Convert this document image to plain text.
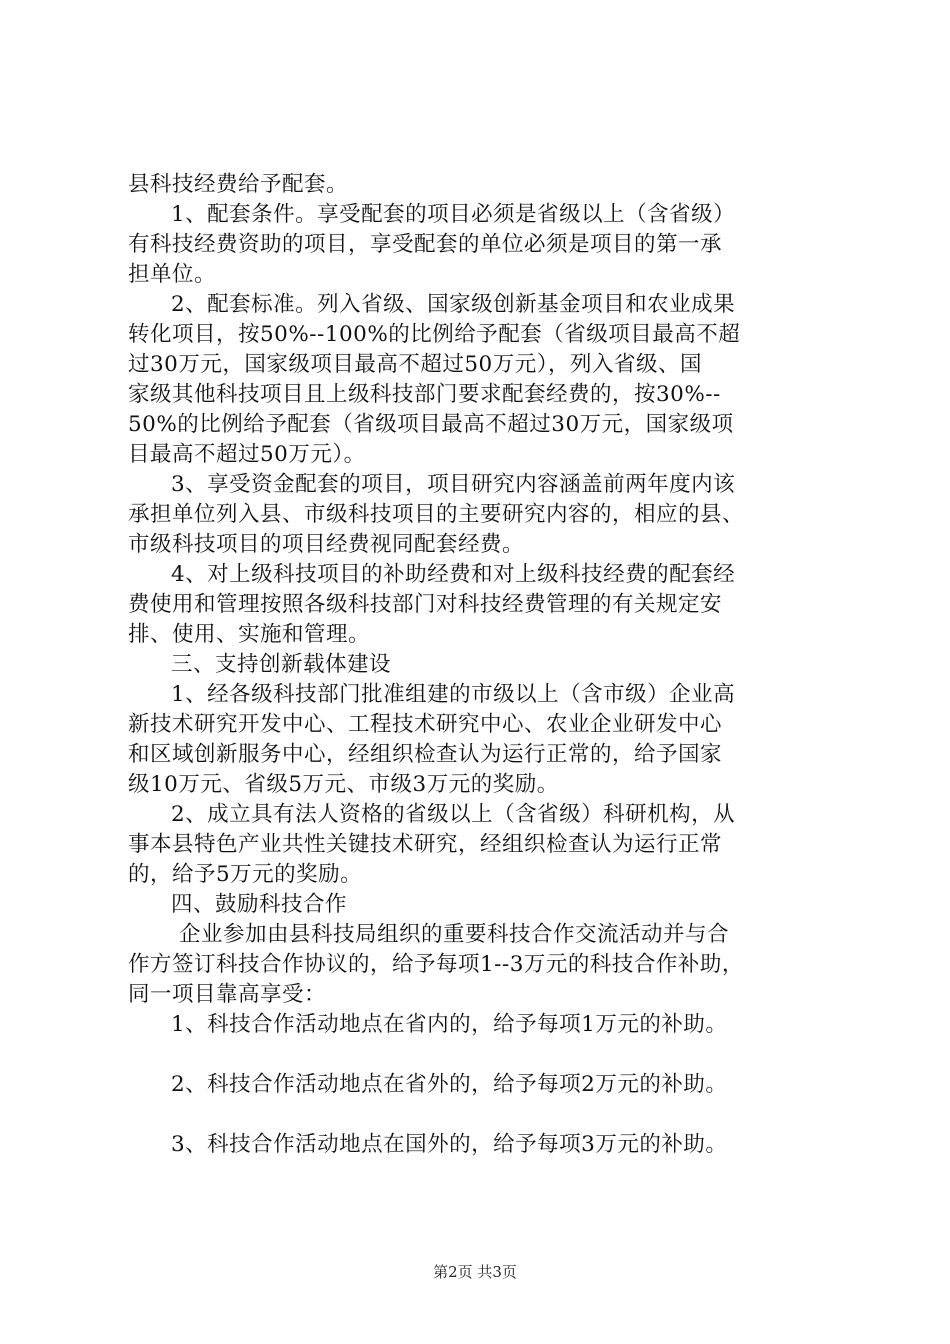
县科技经费给予配套。
1、配套条件。享受配套的项目必须是省级以上（含省级）
有科技经费资助的项目，享受配套的单位必须是项目的第一承
担单位。
2、配套标准。列入省级、国家级创新基金项目和农业成果
转化项目，按50%--100%的比例给予配套（省级项目最高不超
过30万元，国家级项目最高不超过50万元），列入省级、国
家级其他科技项目且上级科技部门要求配套经费的，按30%--
50%的比例给予配套（省级项目最高不超过30万元，国家级项
目最高不超过50万元）。
3、享受资金配套的项目，项目研究内容涵盖前两年度内该
承担单位列入县、市级科技项目的主要研究内容的，相应的县、
市级科技项目的项目经费视同配套经费。
4、对上级科技项目的补助经费和对上级科技经费的配套经
费使用和管理按照各级科技部门对科技经费管理的有关规定安
排、使用、实施和管理。
三、支持创新载体建设
1、经各级科技部门批准组建的市级以上（含市级）企业高
新技术研究开发中心、工程技术研究中心、农业企业研发中心
和区域创新服务中心，经组织检查认为运行正常的，给予国家
级10万元、省级5万元、市级3万元的奖励。
2、成立具有法人资格的省级以上（含省级）科研机构，从
事本县特色产业共性关键技术研究，经组织检查认为运行正常
的，给予5万元的奖励。
四、鼓励科技合作
企业参加由县科技局组织的重要科技合作交流活动并与合
作方签订科技合作协议的，给予每项1--3万元的科技合作补助，
同一项目靠高享受：
1、科技合作活动地点在省内的，给予每项1万元的补助。
2、科技合作活动地点在省外的，给予每项2万元的补助。
3、科技合作活动地点在国外的，给予每项3万元的补助。
第2页 共3页
